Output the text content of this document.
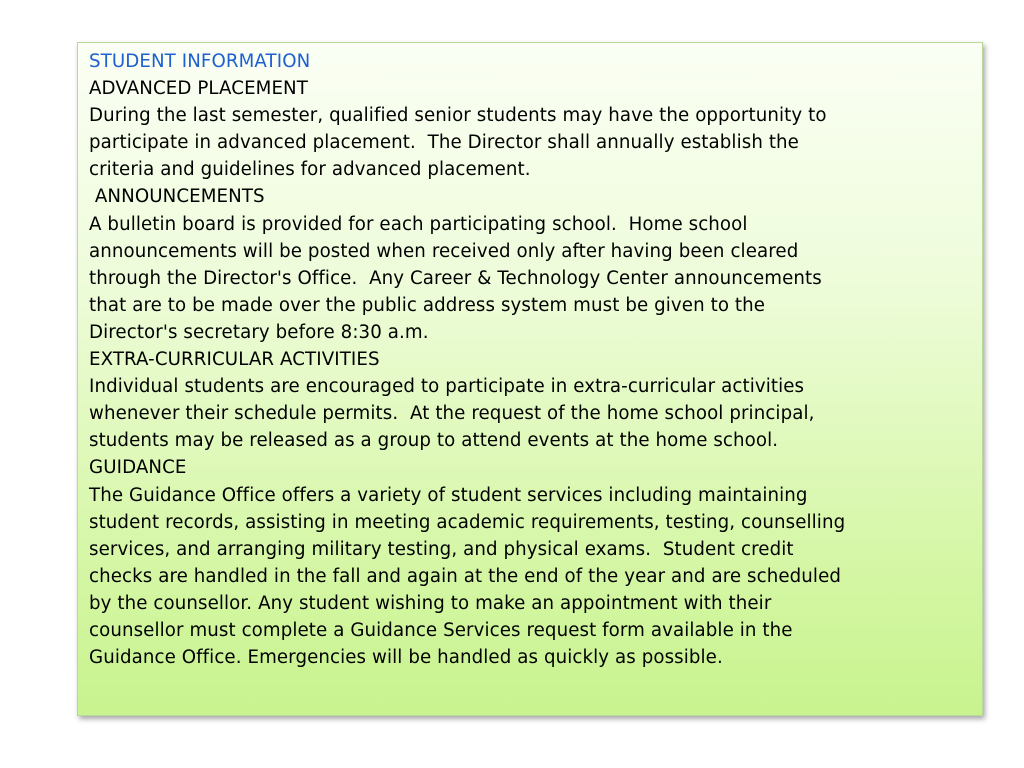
STUDENT INFORMATION
ADVANCED PLACEMENT
During the last semester, qualified senior students may have the opportunity to
participate in advanced placement.  The Director shall annually establish the
criteria and guidelines for advanced placement.
ANNOUNCEMENTS
A bulletin board is provided for each participating school.  Home school
announcements will be posted when received only after having been cleared
through the Director's Office.  Any Career & Technology Center announcements
that are to be made over the public address system must be given to the
Director's secretary before 8:30 a.m.
EXTRA-CURRICULAR ACTIVITIES
Individual students are encouraged to participate in extra-curricular activities
whenever their schedule permits.  At the request of the home school principal,
students may be released as a group to attend events at the home school.
GUIDANCE
The Guidance Office offers a variety of student services including maintaining
student records, assisting in meeting academic requirements, testing, counselling
services, and arranging military testing, and physical exams.  Student credit
checks are handled in the fall and again at the end of the year and are scheduled
by the counsellor. Any student wishing to make an appointment with their
counsellor must complete a Guidance Services request form available in the
Guidance Office. Emergencies will be handled as quickly as possible.
